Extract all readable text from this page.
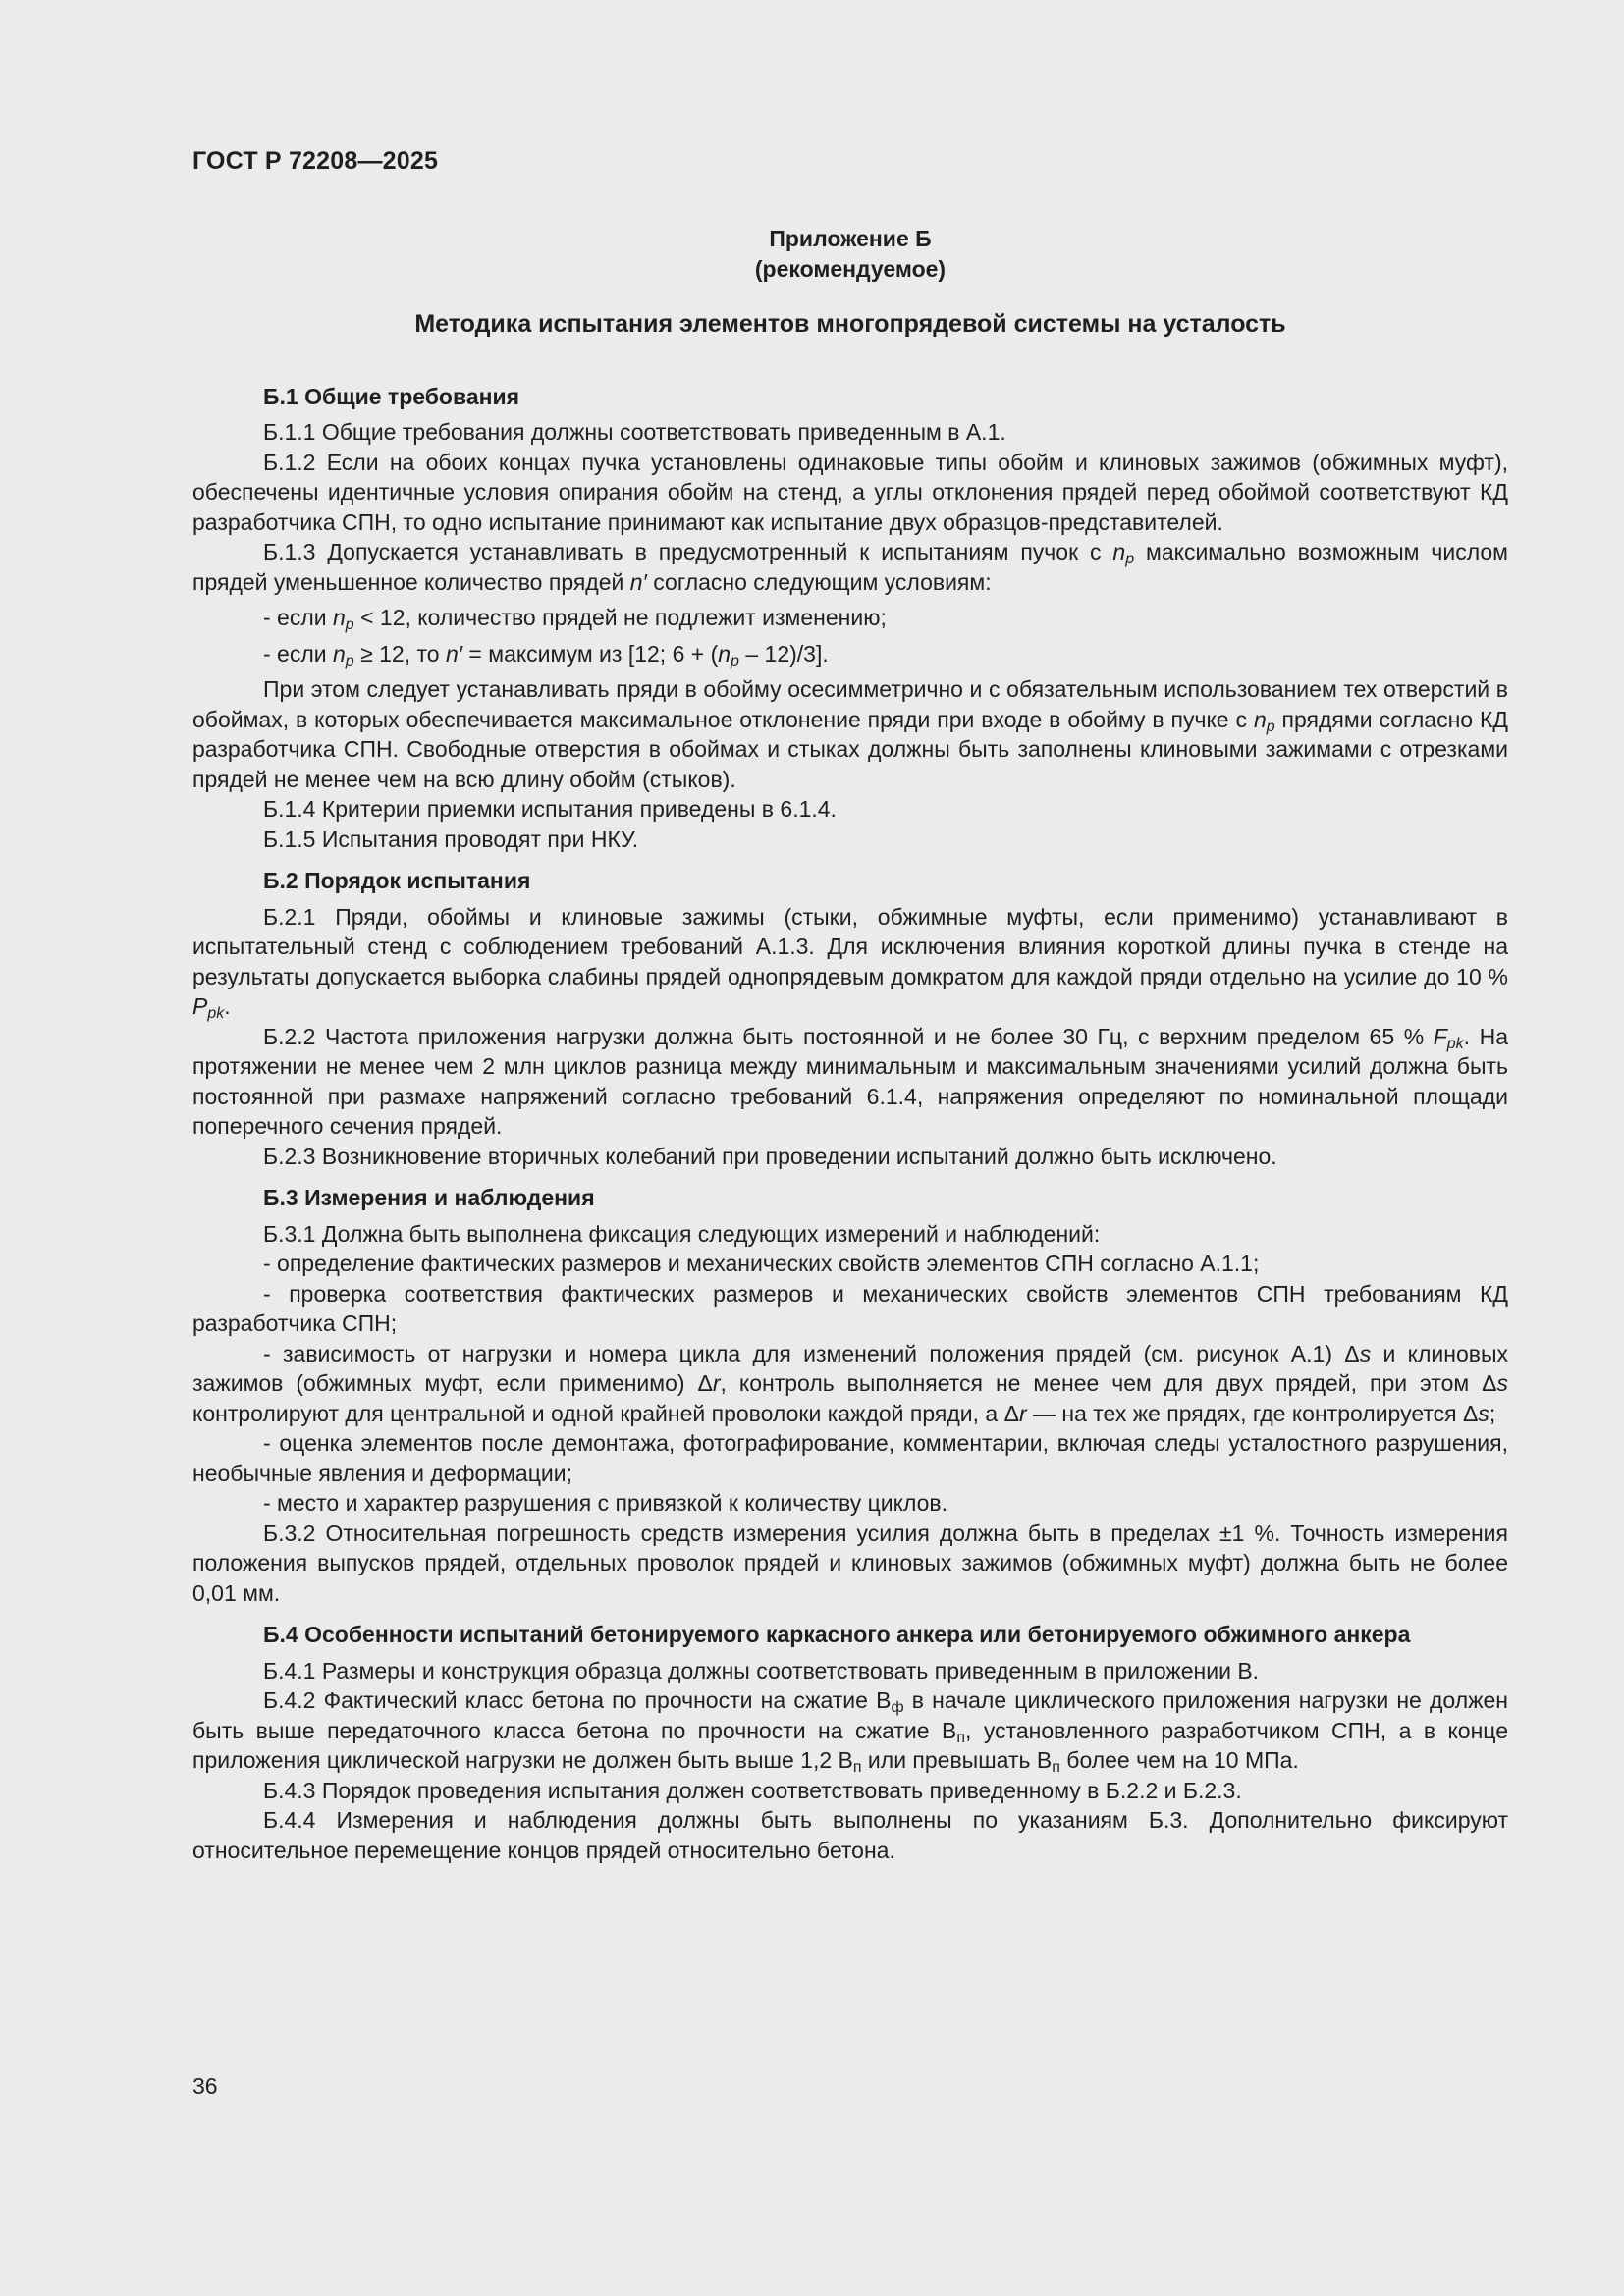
ГОСТ Р 72208—2025
Приложение Б
(рекомендуемое)
Методика испытания элементов многопрядевой системы на усталость
Б.1 Общие требования

Б.1.1 Общие требования должны соответствовать приведенным в А.1.

Б.1.2 Если на обоих концах пучка установлены одинаковые типы обойм и клиновых зажимов (обжимных муфт), обеспечены идентичные условия опирания обойм на стенд, а углы отклонения прядей перед обоймой соответствуют КД разработчика СПН, то одно испытание принимают как испытание двух образцов-представителей.

Б.1.3 Допускается устанавливать в предусмотренный к испытаниям пучок с $n_p$ максимально возможным числом прядей уменьшенное количество прядей n′ согласно следующим условиям:

- если $n_p < 12$, количество прядей не подлежит изменению;

- если $n_p \ge 12$, то n′ = максимум из [12; $6 + (n_p - 12)/3$].

При этом следует устанавливать пряди в обойму осесимметрично и с обязательным использованием тех отверстий в обоймах, в которых обеспечивается максимальное отклонение пряди при входе в обойму в пучке с $n_p$ прядями согласно КД разработчика СПН. Свободные отверстия в обоймах и стыках должны быть заполнены клиновыми зажимами с отрезками прядей не менее чем на всю длину обойм (стыков).

Б.1.4 Критерии приемки испытания приведены в 6.1.4.

Б.1.5 Испытания проводят при НКУ.

Б.2 Порядок испытания

Б.2.1 Пряди, обоймы и клиновые зажимы (стыки, обжимные муфты, если применимо) устанавливают в испытательный стенд с соблюдением требований А.1.3. Для исключения влияния короткой длины пучка в стенде на результаты допускается выборка слабины прядей однопрядевым домкратом для каждой пряди отдельно на усилие до 10 % $P_{pk}$.

Б.2.2 Частота приложения нагрузки должна быть постоянной и не более 30 Гц, с верхним пределом 65 % $F_{pk}$. На протяжении не менее чем 2 млн циклов разница между минимальным и максимальным значениями усилий должна быть постоянной при размахе напряжений согласно требований 6.1.4, напряжения определяют по номинальной площади поперечного сечения прядей.

Б.2.3 Возникновение вторичных колебаний при проведении испытаний должно быть исключено.

Б.3 Измерения и наблюдения

Б.3.1 Должна быть выполнена фиксация следующих измерений и наблюдений:

- определение фактических размеров и механических свойств элементов СПН согласно А.1.1;

- проверка соответствия фактических размеров и механических свойств элементов СПН требованиям КД разработчика СПН;

- зависимость от нагрузки и номера цикла для изменений положения прядей (см. рисунок А.1) Δs и клиновых зажимов (обжимных муфт, если применимо) Δr, контроль выполняется не менее чем для двух прядей, при этом Δs контролируют для центральной и одной крайней проволоки каждой пряди, а Δr — на тех же прядях, где контролируется Δs;

- оценка элементов после демонтажа, фотографирование, комментарии, включая следы усталостного разрушения, необычные явления и деформации;

- место и характер разрушения с привязкой к количеству циклов.

Б.3.2 Относительная погрешность средств измерения усилия должна быть в пределах ±1 %. Точность измерения положения выпусков прядей, отдельных проволок прядей и клиновых зажимов (обжимных муфт) должна быть не более 0,01 мм.

Б.4 Особенности испытаний бетонируемого каркасного анкера или бетонируемого обжимного анкера

Б.4.1 Размеры и конструкция образца должны соответствовать приведенным в приложении В.

Б.4.2 Фактический класс бетона по прочности на сжатие $В_ф$ в начале циклического приложения нагрузки не должен быть выше передаточного класса бетона по прочности на сжатие $В_п$, установленного разработчиком СПН, а в конце приложения циклической нагрузки не должен быть выше 1,2 $В_п$ или превышать $В_п$ более чем на 10 МПа.

Б.4.3 Порядок проведения испытания должен соответствовать приведенному в Б.2.2 и Б.2.3.

Б.4.4 Измерения и наблюдения должны быть выполнены по указаниям Б.3. Дополнительно фиксируют относительное перемещение концов прядей относительно бетона.

36
